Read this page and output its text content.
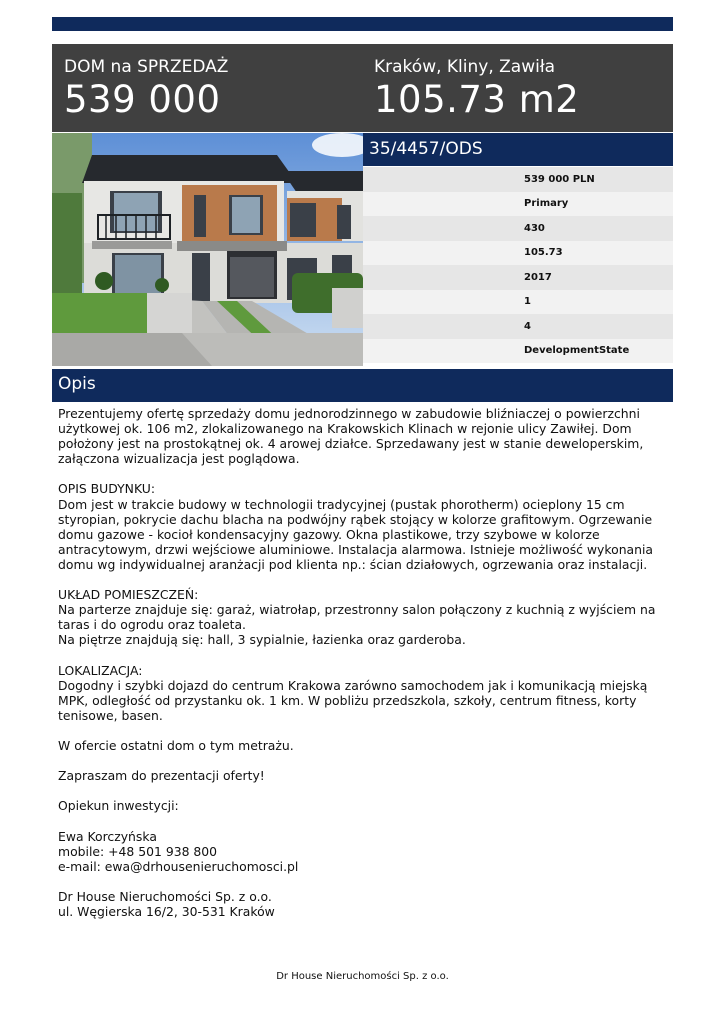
DOM na SPRZEDAŻ
539 000
Kraków, Kliny, Zawiła
105.73 m2
35/4457/ODS
539 000 PLN
Primary
430
105.73
2017
1
4
DevelopmentState
Opis

Prezentujemy ofertę sprzedaży domu jednorodzinnego w zabudowie bliźniaczej o powierzchni użytkowej ok. 106 m2, zlokalizowanego na Krakowskich Klinach w rejonie ulicy Zawiłej. Dom położony jest na prostokątnej ok. 4 arowej działce. Sprzedawany jest w stanie deweloperskim, załączona wizualizacja jest poglądowa.

OPIS BUDYNKU:

Dom jest w trakcie budowy w technologii tradycyjnej (pustak phorotherm) ocieplony 15 cm styropian, pokrycie dachu blacha na podwójny rąbek stojący w kolorze grafitowym. Ogrzewanie domu gazowe - kocioł kondensacyjny gazowy. Okna plastikowe, trzy szybowe w kolorze antracytowym, drzwi wejściowe aluminiowe. Instalacja alarmowa. Istnieje możliwość wykonania domu wg indywidualnej aranżacji pod klienta np.: ścian działowych, ogrzewania oraz instalacji.

UKŁAD POMIESZCZEŃ:

Na parterze znajduje się: garaż, wiatrołap, przestronny salon połączony z kuchnią z wyjściem na taras i do ogrodu oraz toaleta.

Na piętrze znajdują się: hall, 3 sypialnie, łazienka oraz garderoba.

LOKALIZACJA:

Dogodny i szybki dojazd do centrum Krakowa zarówno samochodem jak i komunikacją miejską MPK, odległość od przystanku ok. 1 km. W pobliżu przedszkola, szkoły, centrum fitness, korty tenisowe, basen.

W ofercie ostatni dom o tym metrażu.

Zapraszam do prezentacji oferty!

Opiekun inwestycji:

Ewa Korczyńska

mobile: +48 501 938 800

e-mail: ewa@drhousenieruchomosci.pl

Dr House Nieruchomości Sp. z o.o.

ul. Węgierska 16/2, 30-531 Kraków

Dr House Nieruchomości Sp. z o.o.
